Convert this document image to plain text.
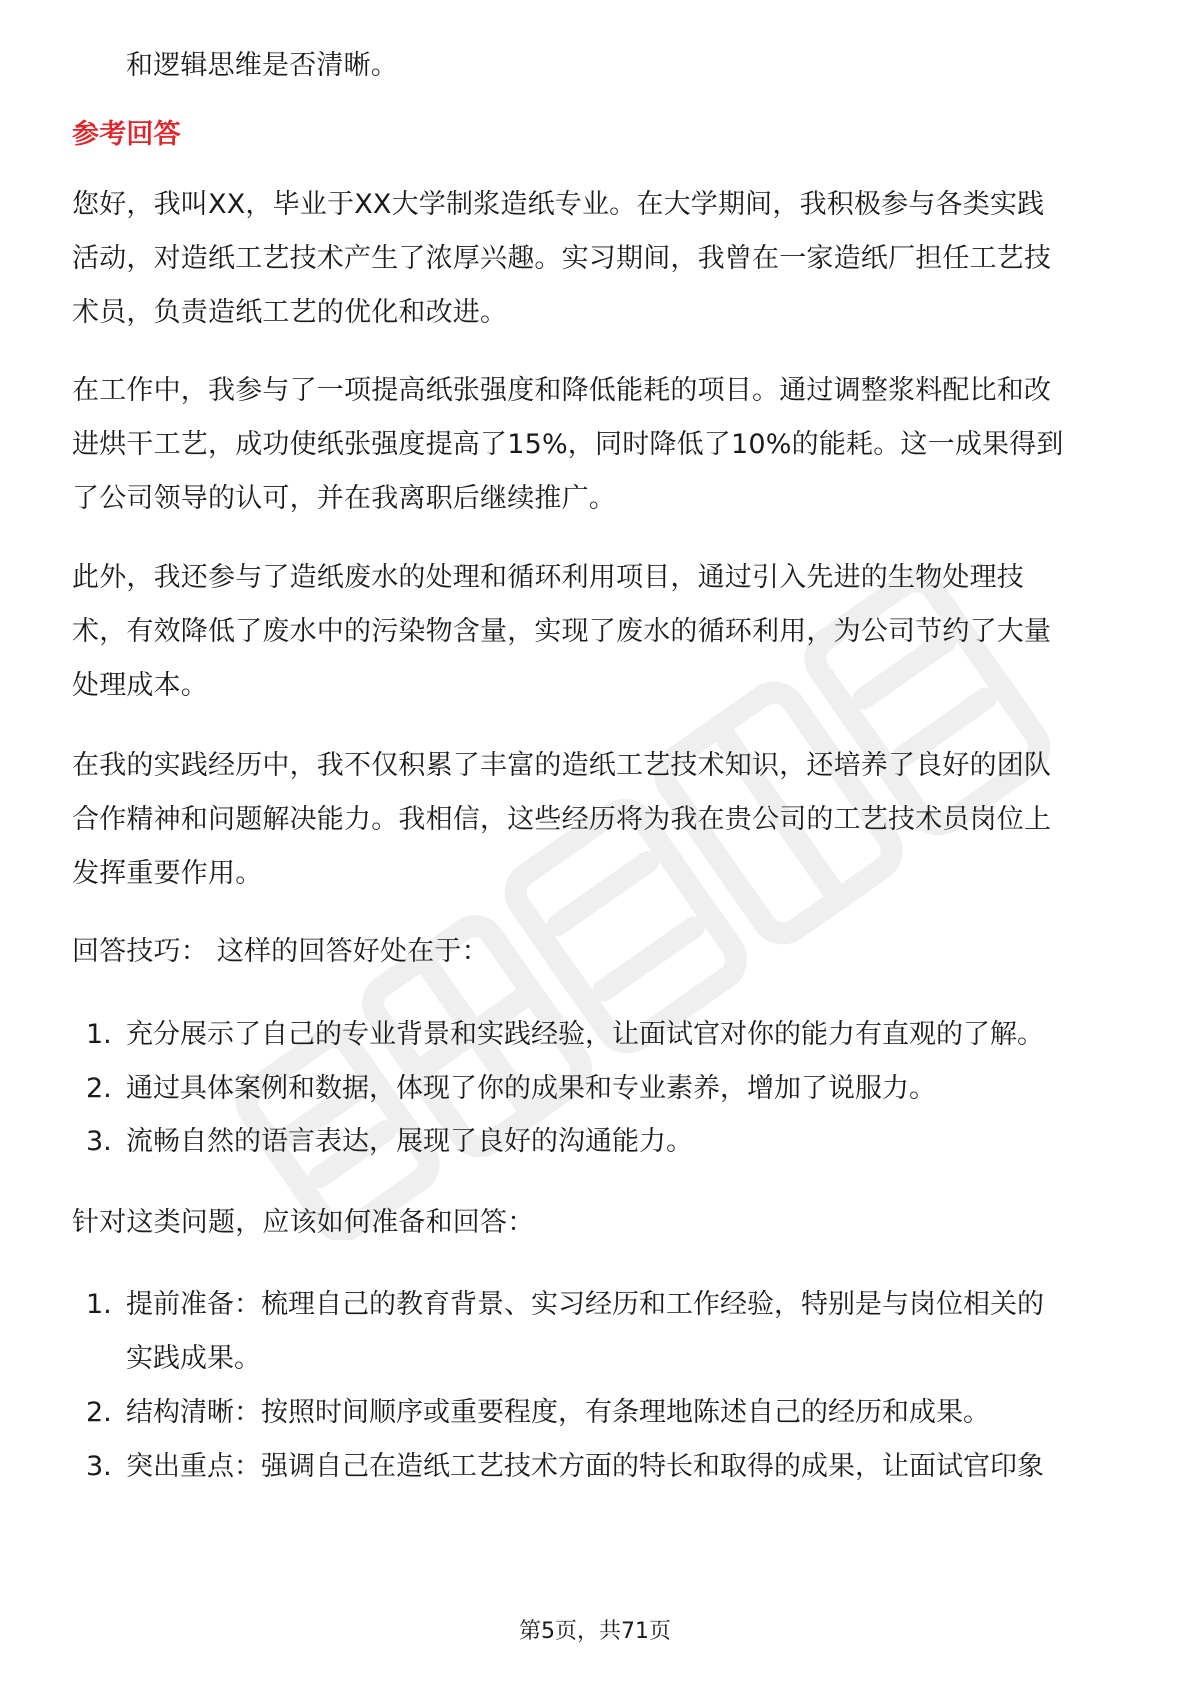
和逻辑思维是否清晰。
参考回答
您好，我叫XX，毕业于XX大学制浆造纸专业。在大学期间，我积极参与各类实践
活动，对造纸工艺技术产生了浓厚兴趣。实习期间，我曾在一家造纸厂担任工艺技
术员，负责造纸工艺的优化和改进。
在工作中，我参与了一项提高纸张强度和降低能耗的项目。通过调整浆料配比和改
进烘干工艺，成功使纸张强度提高了15%，同时降低了10%的能耗。这一成果得到
了公司领导的认可，并在我离职后继续推广。
此外，我还参与了造纸废水的处理和循环利用项目，通过引入先进的生物处理技
术，有效降低了废水中的污染物含量，实现了废水的循环利用，为公司节约了大量
处理成本。
在我的实践经历中，我不仅积累了丰富的造纸工艺技术知识，还培养了良好的团队
合作精神和问题解决能力。我相信，这些经历将为我在贵公司的工艺技术员岗位上
发挥重要作用。
回答技巧： 这样的回答好处在于：
1. 充分展示了自己的专业背景和实践经验，让面试官对你的能力有直观的了解。
2. 通过具体案例和数据，体现了你的成果和专业素养，增加了说服力。
3. 流畅自然的语言表达，展现了良好的沟通能力。
针对这类问题，应该如何准备和回答：
1. 提前准备：梳理自己的教育背景、实习经历和工作经验，特别是与岗位相关的
实践成果。
2. 结构清晰：按照时间顺序或重要程度，有条理地陈述自己的经历和成果。
3. 突出重点：强调自己在造纸工艺技术方面的特长和取得的成果，让面试官印象
第5页，共71页
